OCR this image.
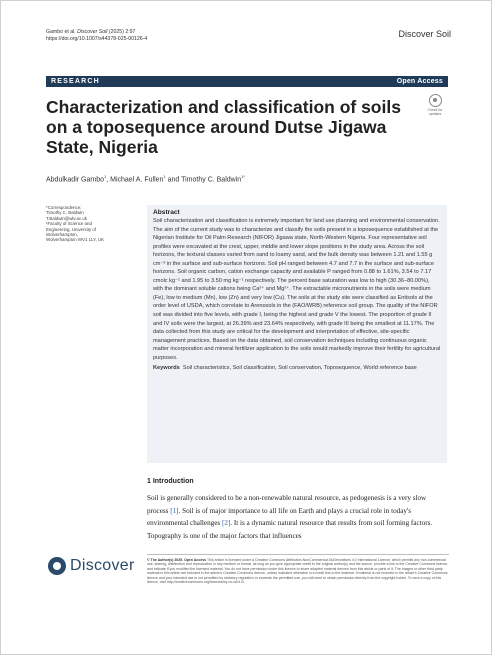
Gambo et al. Discover Soil (2025) 2:97
https://doi.org/10.1007/s44378-025-00126-4	Discover Soil
RESEARCH	Open Access
Characterization and classification of soils on a toposequence around Dutse Jigawa State, Nigeria
Check for updates
Abdulkadir Gambo$^1$, Michael A. Fullen$^1$ and Timothy C. Baldwin$^{1*}$
*Correspondence:
Timothy C. Baldwin
T.Baldwin@wlv.ac.uk
¹Faculty of Science and
Engineering, University of
Wolverhampton,
Wolverhampton WV1 1LY, UK
Abstract
Soil characterization and classification is extremely important for land use planning and environmental conservation. The aim of the current study was to characterize and classify the soils present in a toposequence established at the Nigerian Institute for Oil Palm Research (NIFOR) Jigawa state, North-Western Nigeria. Four representative soil profiles were excavated at the crest, upper, middle and lower slope positions in the study area. Across the soil horizons, the textural classes varied from sand to loamy sand, and the bulk density was between 1.21 and 1.55 g cm⁻³ in the surface and sub-surface horizons. Soil pH ranged between 4.7 and 7.7 in the surface and sub-surface horizons. Soil organic carbon, cation exchange capacity and available P ranged from 0.88 to 1.61%, 3.54 to 7.17 cmolc kg⁻¹ and 1.95 to 3.50 mg kg⁻¹ respectively. The percent base saturation was low to high (30.36–80.00%), with the dominant soluble cations being Ca²⁺ and Mg²⁺. The extractable micronutrients in the soils were medium (Fe), low to medium (Mn), low (Zn) and very low (Cu). The soils at the study site were classified as Entisols at the order level of USDA, which correlate to Arenosols in the (FAO/WRB) reference soil group. The quality of the NIFOR soil was divided into five levels, with grade I, being the highest and grade V the lowest. The proportion of grade II and IV soils were the largest, at 26.39% and 23.64% respectively, with grade III being the smallest at 11.17%. The data collected from this study are critical for the development and interpretation of effective, site-specific management practices. Based on the data obtained, soil conservation techniques including continuous organic matter incorporation and mineral fertilizer application to the soils would markedly improve their fertility for agricultural purposes.
Keywords Soil characteristics, Soil classification, Soil conservation, Toposequence, World reference base
1 Introduction
Soil is generally considered to be a non-renewable natural resource, as pedogenesis is a very slow process [1]. Soil is of major importance to all life on Earth and plays a crucial role in today's environmental challenges [2]. It is a dynamic natural resource that results from soil forming factors. Topography is one of the major factors that influences
Discover	© The Author(s) 2025. Open Access This article is licensed under a Creative Commons Attribution-NonCommercial-NoDerivatives 4.0 International License, which permits any non-commercial use, sharing, distribution and reproduction in any medium or format, as long as you give appropriate credit to the original author(s) and the source, provide a link to the Creative Commons licence, and indicate if you modified the licensed material. You do not have permission under this licence to share adapted material derived from this article or parts of it. The images or other third party material in this article are included in the article's Creative Commons licence, unless indicated otherwise in a credit line to the material. If material is not included in the article's Creative Commons licence and your intended use is not permitted by statutory regulation or exceeds the permitted use, you will need to obtain permission directly from the copyright holder. To view a copy of this licence, visit http://creativecommons.org/licenses/by-nc-nd/4.0/.
